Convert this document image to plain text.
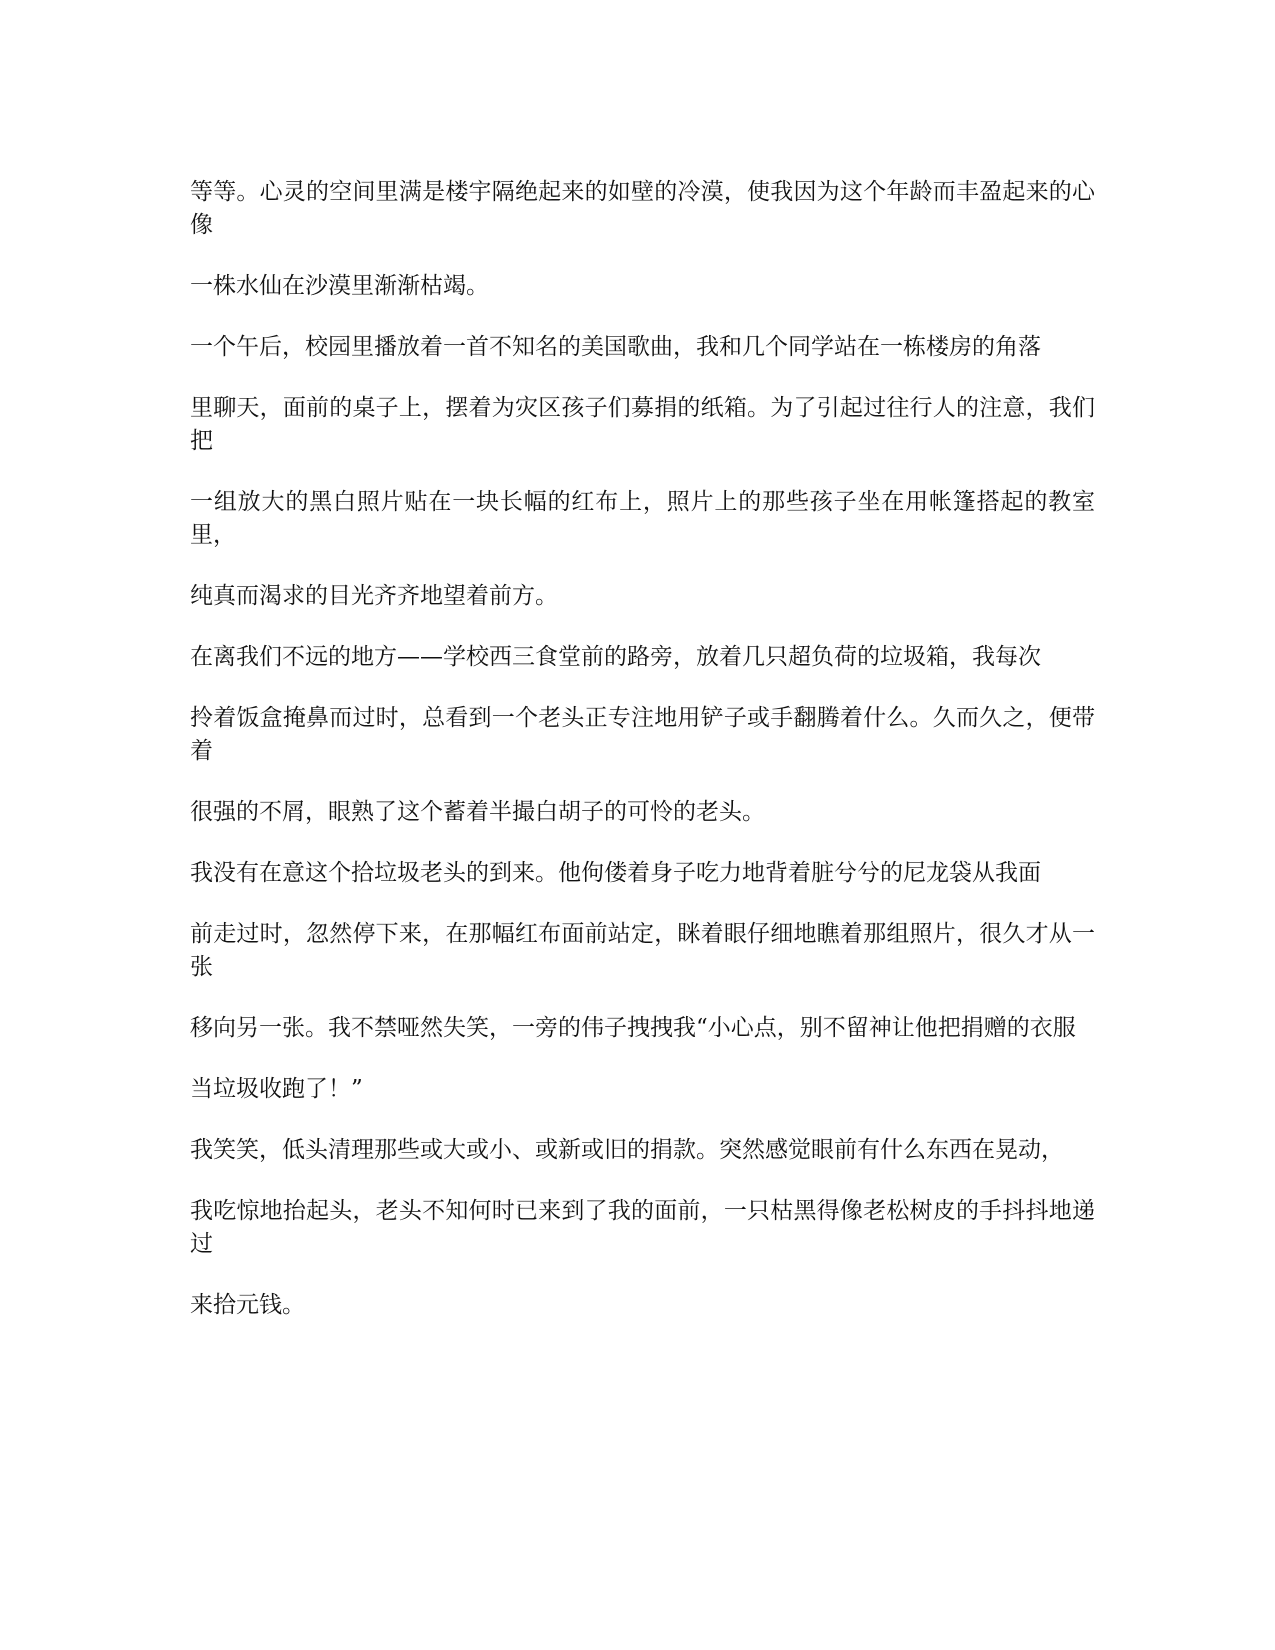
等等。心灵的空间里满是楼宇隔绝起来的如壁的冷漠，使我因为这个年龄而丰盈起来的心像

一株水仙在沙漠里渐渐枯竭。

一个午后，校园里播放着一首不知名的美国歌曲，我和几个同学站在一栋楼房的角落

里聊天，面前的桌子上，摆着为灾区孩子们募捐的纸箱。为了引起过往行人的注意，我们把

一组放大的黑白照片贴在一块长幅的红布上，照片上的那些孩子坐在用帐篷搭起的教室里，

纯真而渴求的目光齐齐地望着前方。

在离我们不远的地方——学校西三食堂前的路旁，放着几只超负荷的垃圾箱，我每次

拎着饭盒掩鼻而过时，总看到一个老头正专注地用铲子或手翻腾着什么。久而久之，便带着

很强的不屑，眼熟了这个蓄着半撮白胡子的可怜的老头。

我没有在意这个拾垃圾老头的到来。他佝偻着身子吃力地背着脏兮兮的尼龙袋从我面

前走过时，忽然停下来，在那幅红布面前站定，眯着眼仔细地瞧着那组照片，很久才从一张

移向另一张。我不禁哑然失笑，一旁的伟子拽拽我“小心点，别不留神让他把捐赠的衣服

当垃圾收跑了！”

我笑笑，低头清理那些或大或小、或新或旧的捐款。突然感觉眼前有什么东西在晃动，

我吃惊地抬起头，老头不知何时已来到了我的面前，一只枯黑得像老松树皮的手抖抖地递过

来拾元钱。
